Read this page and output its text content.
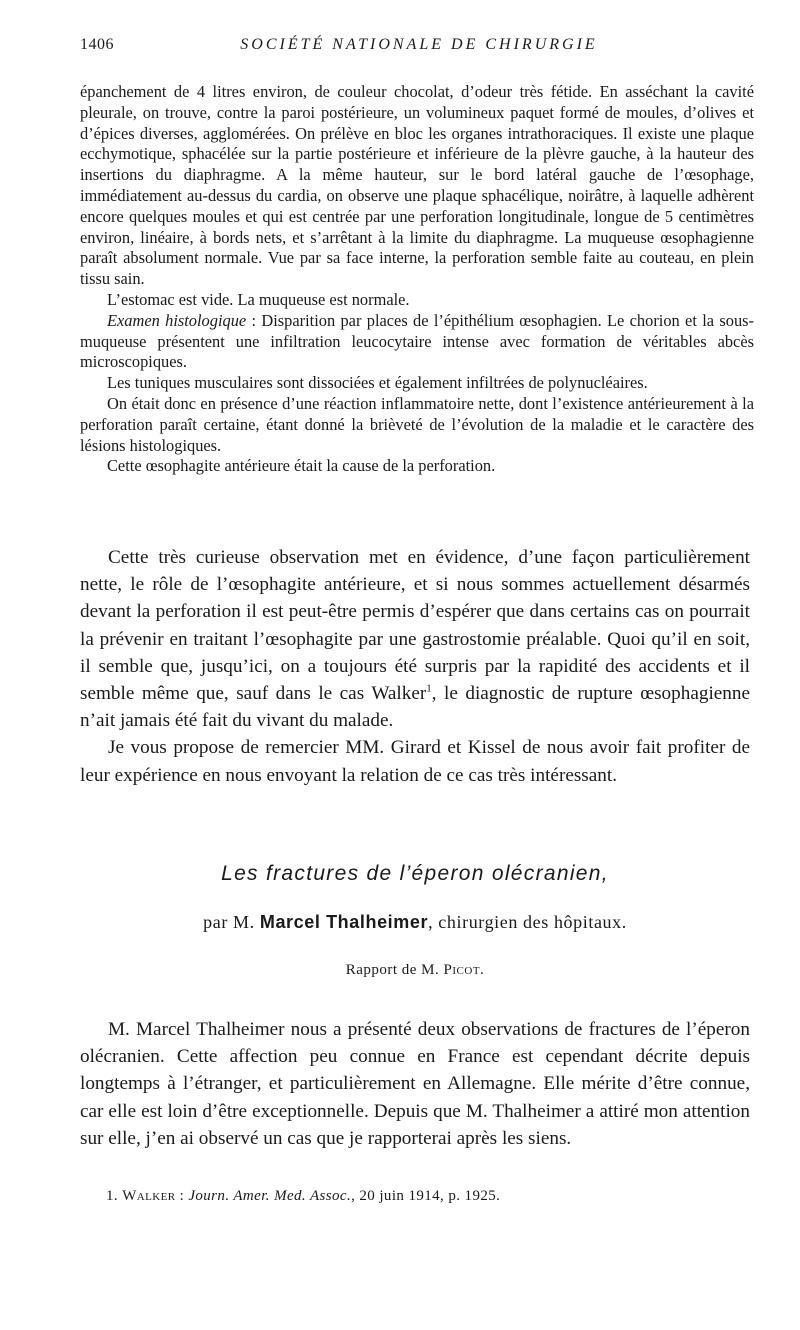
1406	SOCIÉTÉ NATIONALE DE CHIRURGIE

épanchement de 4 litres environ, de couleur chocolat, d’odeur très fétide. En asséchant la cavité pleurale, on trouve, contre la paroi postérieure, un volumineux paquet formé de moules, d’olives et d’épices diverses, agglomérées. On prélève en bloc les organes intrathoraciques. Il existe une plaque ecchymotique, sphacélée sur la partie postérieure et inférieure de la plèvre gauche, à la hauteur des insertions du diaphragme. A la même hauteur, sur le bord latéral gauche de l’œsophage, immédiatement au-dessus du cardia, on observe une plaque sphacélique, noirâtre, à laquelle adhèrent encore quelques moules et qui est centrée par une perforation longitudinale, longue de 5 centimètres environ, linéaire, à bords nets, et s’arrêtant à la limite du diaphragme. La muqueuse œsophagienne paraît absolument normale. Vue par sa face interne, la perforation semble faite au couteau, en plein tissu sain.

L’estomac est vide. La muqueuse est normale.

Examen histologique : Disparition par places de l’épithélium œsophagien. Le chorion et la sous-muqueuse présentent une infiltration leucocytaire intense avec formation de véritables abcès microscopiques.

Les tuniques musculaires sont dissociées et également infiltrées de polynucléaires.

On était donc en présence d’une réaction inflammatoire nette, dont l’existence antérieurement à la perforation paraît certaine, étant donné la brièveté de l’évolution de la maladie et le caractère des lésions histologiques.

Cette œsophagite antérieure était la cause de la perforation.

Cette très curieuse observation met en évidence, d’une façon particulièrement nette, le rôle de l’œsophagite antérieure, et si nous sommes actuellement désarmés devant la perforation il est peut-être permis d’espérer que dans certains cas on pourrait la prévenir en traitant l’œsophagite par une gastrostomie préalable. Quoi qu’il en soit, il semble que, jusqu’ici, on a toujours été surpris par la rapidité des accidents et il semble même que, sauf dans le cas Walker$^1$, le diagnostic de rupture œsophagienne n’ait jamais été fait du vivant du malade.

Je vous propose de remercier MM. Girard et Kissel de nous avoir fait profiter de leur expérience en nous envoyant la relation de ce cas très intéressant.

Les fractures de l’éperon olécranien,
par M. Marcel Thalheimer, chirurgien des hôpitaux.
Rapport de M. Picot.

M. Marcel Thalheimer nous a présenté deux observations de fractures de l’éperon olécranien. Cette affection peu connue en France est cependant décrite depuis longtemps à l’étranger, et particulièrement en Allemagne. Elle mérite d’être connue, car elle est loin d’être exceptionnelle. Depuis que M. Thalheimer a attiré mon attention sur elle, j’en ai observé un cas que je rapporterai après les siens.

1. Walker : Journ. Amer. Med. Assoc., 20 juin 1914, p. 1925.
